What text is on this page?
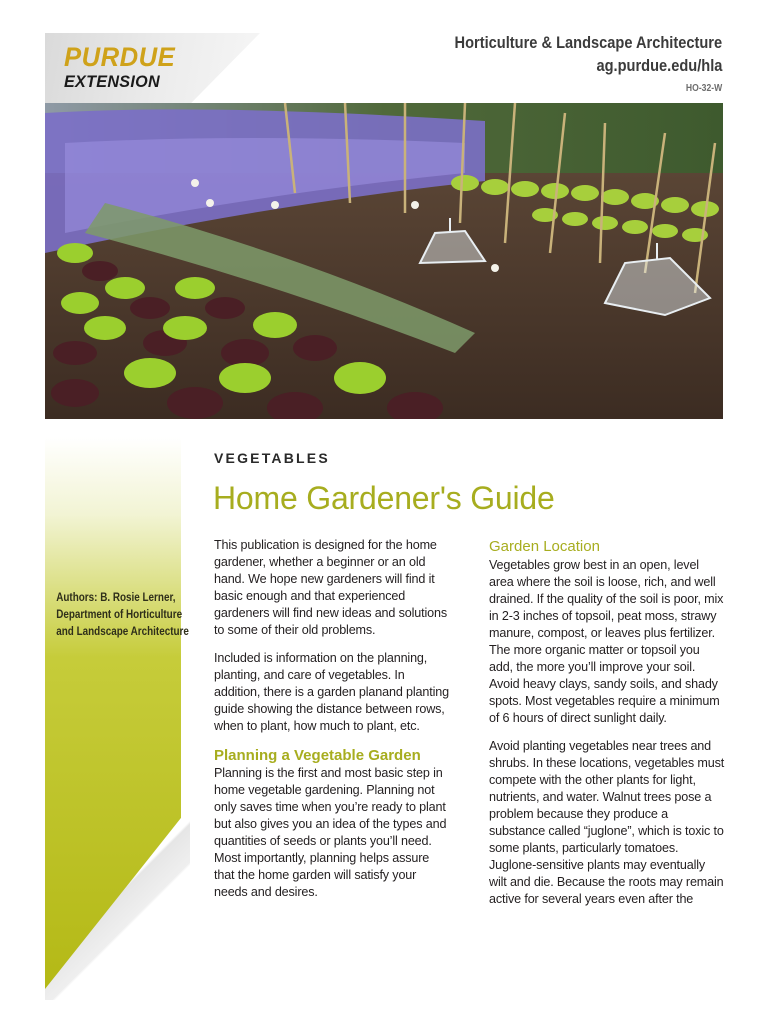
PURDUE
EXTENSION
Horticulture & Landscape Architecture
ag.purdue.edu/hla
HO-32-W
Authors: B. Rosie Lerner,
Department of Horticulture
and Landscape Architecture
VEGETABLES
Home Gardener's Guide

This publication is designed for the home gardener, whether a beginner or an old hand. We hope new gardeners will find it basic enough and that experienced gardeners will find new ideas and solutions to some of their old problems.

Included is information on the planning, planting, and care of vegetables. In addition, there is a garden planand planting guide showing the distance between rows, when to plant, how much to plant, etc.

Planning a Vegetable Garden

Planning is the first and most basic step in home vegetable gardening. Planning not only saves time when you’re ready to plant but also gives you an idea of the types and quantities of seeds or plants you’ll need. Most importantly, planning helps assure that the home garden will satisfy your needs and desires.

Garden Location

Vegetables grow best in an open, level area where the soil is loose, rich, and well drained. If the quality of the soil is poor, mix in 2-3 inches of topsoil, peat moss, strawy manure, compost, or leaves plus fertilizer. The more organic matter or topsoil you add, the more you’ll improve your soil. Avoid heavy clays, sandy soils, and shady spots. Most vegetables require a minimum of 6 hours of direct sunlight daily.

Avoid planting vegetables near trees and shrubs. In these locations, vegetables must compete with the other plants for light, nutrients, and water. Walnut trees pose a problem because they produce a substance called “juglone”, which is toxic to some plants, particularly tomatoes. Juglone-sensitive plants may eventually wilt and die. Because the roots may remain active for several years even after the
